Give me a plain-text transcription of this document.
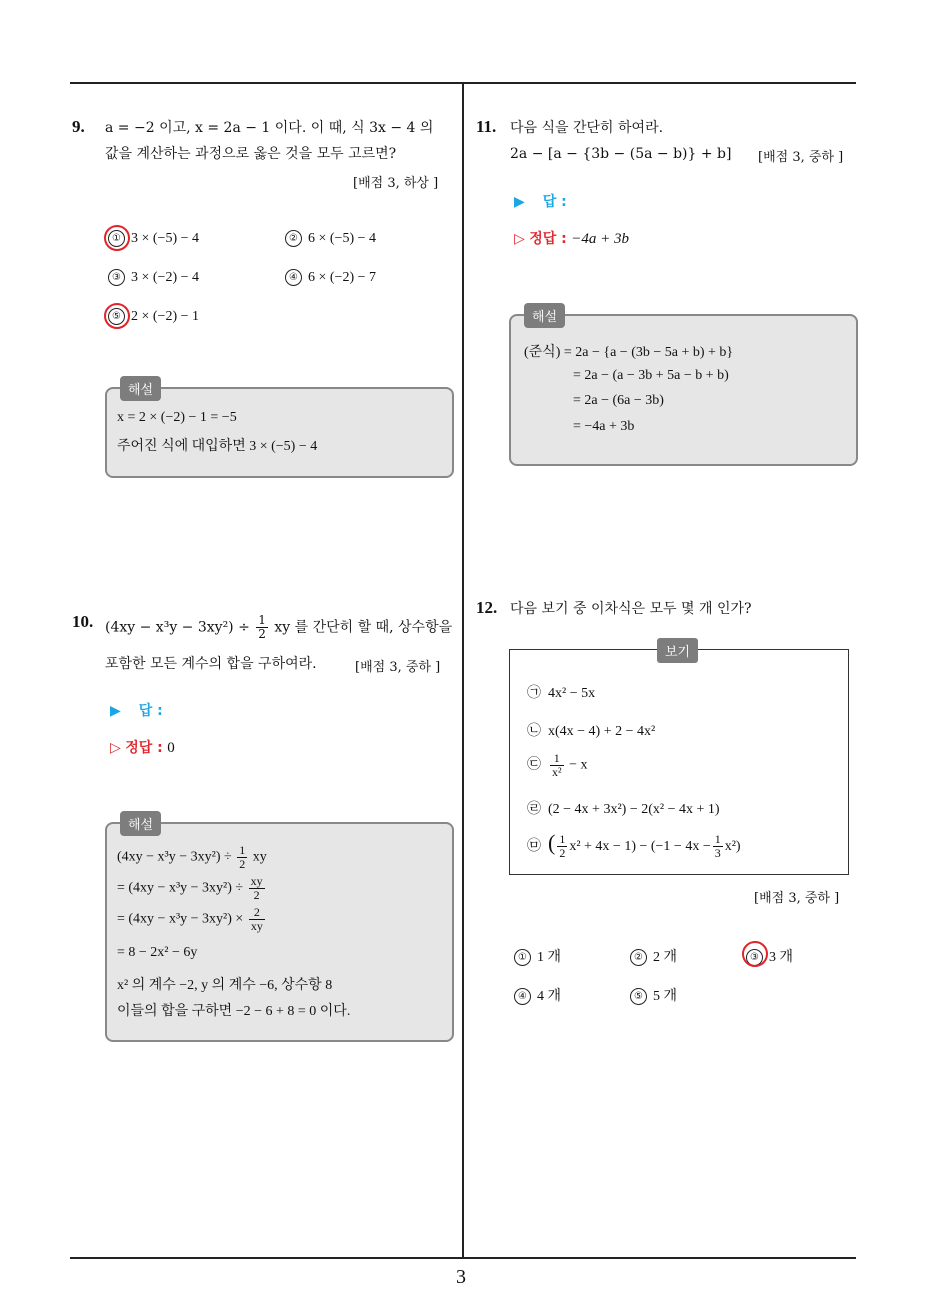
3
9. a = −2 이고, x = 2a − 1 이다. 이 때, 식 3x − 4 의
값을 계산하는 과정으로 옳은 것을 모두 고르면?
[배점 3, 하상 ]
① 3 × (−5) − 4	② 6 × (−5) − 4
③ 3 × (−2) − 4	④ 6 × (−2) − 7
⑤ 2 × (−2) − 1
해설
x = 2 × (−2) − 1 = −5
주어진 식에 대입하면 3 × (−5) − 4
10. $(4xy - x^3y - 3xy^2) \div \frac{1}{2}$ xy 를 간단히 할 때, 상수항을
포함한 모든 계수의 합을 구하여라.	[배점 3, 중하 ]
▶ 답 :
▷ 정답 : 0
해설
$(4xy - x^3y - 3xy^2) \div \frac{1}{2}$ xy
= $(4xy - x^3y - 3xy^2) \div \frac{xy}{2}$
= $(4xy - x^3y - 3xy^2) \times \frac{2}{xy}$
= 8 − 2x² − 6y
x² 의 계수 −2, y 의 계수 −6, 상수항 8
이들의 합을 구하면 −2 − 6 + 8 = 0 이다.
11. 다음 식을 간단히 하여라.
2a − [a − {3b − (5a − b)} + b] [배점 3, 중하 ]
▶ 답 :
▷ 정답 : −4a + 3b
해설
(준식) = 2a − {a − (3b − 5a + b) + b}
= 2a − (a − 3b + 5a − b + b)
= 2a − (6a − 3b)
= −4a + 3b
12. 다음 보기 중 이차식은 모두 몇 개 인가?
보기
㉠ 4x² − 5x
㉡ x(4x − 4) + 2 − 4x²
㉢ $\frac{1}{\text{x²}} - x$
㉣ (2 − 4x + 3x²) − 2(x² − 4x + 1)
㉤ ( $\frac{1}{2} x^2 + 4x - 1) - (-1 - 4x - \frac{1}{3} x^2)$
[배점 3, 중하 ]
① 1 개	② 2 개	③ 3 개
④ 4 개	⑤ 5 개
